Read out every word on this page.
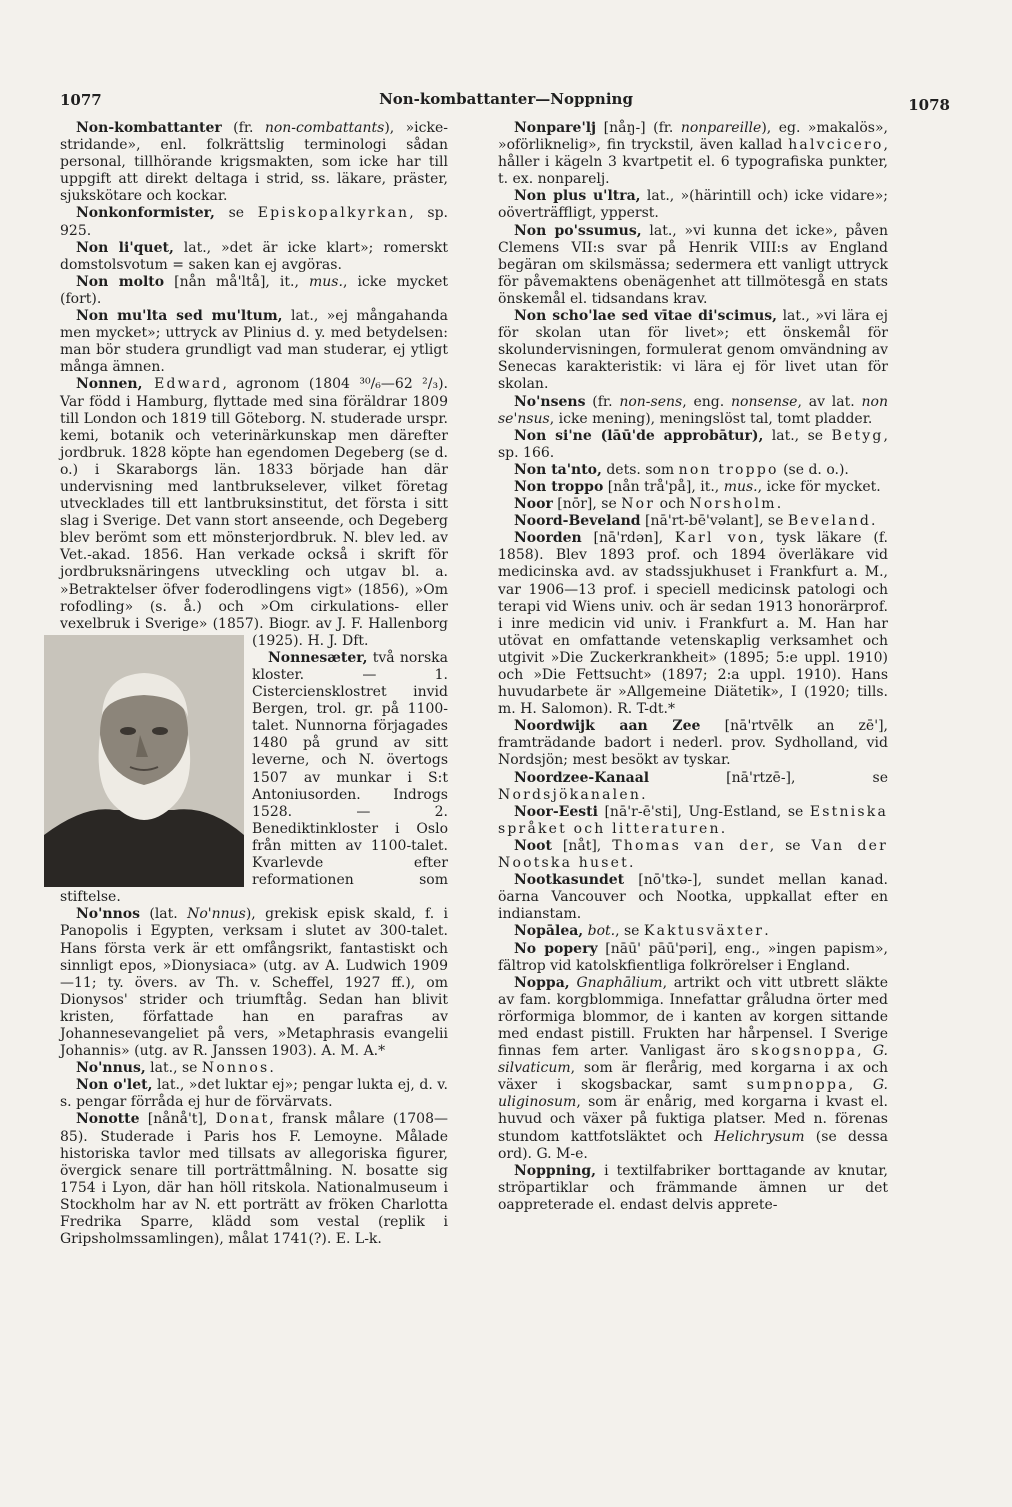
1077	Non-kombattanter—Noppning	1078

Non-kombattanter (fr. non-combattants), »icke-stridande», enl. folkrättslig terminologi sådan personal, tillhörande krigsmakten, som icke har till uppgift att direkt deltaga i strid, ss. läkare, präster, sjukskötare och kockar.

Nonkonformister, se Episkopalkyrkan, sp. 925.

Non li'quet, lat., »det är icke klart»; romerskt domstolsvotum = saken kan ej avgöras.

Non molto [nån må'ltå], it., mus., icke mycket (fort).

Non mu'lta sed mu'ltum, lat., »ej mångahanda men mycket»; uttryck av Plinius d. y. med betydelsen: man bör studera grundligt vad man studerar, ej ytligt många ämnen.

Nonnen, Edward, agronom (1804 ³⁰/₆—62 ²/₃). Var född i Hamburg, flyttade med sina föräldrar 1809 till London och 1819 till Göteborg. N. studerade urspr. kemi, botanik och veterinärkunskap men därefter jordbruk. 1828 köpte han egendomen Degeberg (se d. o.) i Skaraborgs län. 1833 började han där undervisning med lantbrukselever, vilket företag utvecklades till ett lantbruksinstitut, det första i sitt slag i Sverige. Det vann stort anseende, och Degeberg blev berömt som ett mönsterjordbruk. N. blev led. av Vet.-akad. 1856. Han verkade också i skrift för jordbruksnäringens utveckling och utgav bl. a. »Betraktelser öfver foderodlingens vigt» (1856), »Om rofodling» (s. å.) och »Om cirkulations- eller vexelbruk i Sverige» (1857). Biogr. av J. F. Hallenborg (1925). H. J. Dft.

Nonnesæter, två norska kloster. — 1. Cisterciensklostret invid Bergen, trol. gr. på 1100-talet. Nunnorna förjagades 1480 på grund av sitt leverne, och N. övertogs 1507 av munkar i S:t Antoniusorden. Indrogs 1528. — 2. Benediktinkloster i Oslo från mitten av 1100-talet. Kvarlevde efter reformationen som stiftelse.

No'nnos (lat. No'nnus), grekisk episk skald, f. i Panopolis i Egypten, verksam i slutet av 300-talet. Hans första verk är ett omfångsrikt, fantastiskt och sinnligt epos, »Dionysiaca» (utg. av A. Ludwich 1909—11; ty. övers. av Th. v. Scheffel, 1927 ff.), om Dionysos' strider och triumftåg. Sedan han blivit kristen, författade han en parafras av Johannesevangeliet på vers, »Metaphrasis evangelii Johannis» (utg. av R. Janssen 1903). A. M. A.*

No'nnus, lat., se Nonnos.

Non o'let, lat., »det luktar ej»; pengar lukta ej, d. v. s. pengar förråda ej hur de förvärvats.

Nonotte [nånå't], Donat, fransk målare (1708—85). Studerade i Paris hos F. Lemoyne. Målade historiska tavlor med tillsats av allegoriska figurer, övergick senare till porträttmålning. N. bosatte sig 1754 i Lyon, där han höll ritskola. Nationalmuseum i Stockholm har av N. ett porträtt av fröken Charlotta Fredrika Sparre, klädd som vestal (replik i Gripsholmssamlingen), målat 1741(?). E. L-k.

Nonpare'lj [nåŋ-] (fr. nonpareille), eg. »makalös», »oförliknelig», fin tryckstil, även kallad halvcicero, håller i kägeln 3 kvartpetit el. 6 typografiska punkter, t. ex. nonparelj.

Non plus u'ltra, lat., »(härintill och) icke vidare»; oöverträffligt, ypperst.

Non po'ssumus, lat., »vi kunna det icke», påven Clemens VII:s svar på Henrik VIII:s av England begäran om skilsmässa; sedermera ett vanligt uttryck för påvemaktens obenägenhet att tillmötesgå en stats önskemål el. tidsandans krav.

Non scho'lae sed vītae di'scimus, lat., »vi lära ej för skolan utan för livet»; ett önskemål för skolundervisningen, formulerat genom omvändning av Senecas karakteristik: vi lära ej för livet utan för skolan.

No'nsens (fr. non-sens, eng. nonsense, av lat. non se'nsus, icke mening), meningslöst tal, tomt pladder.

Non si'ne (lāū'de approbātur), lat., se Betyg, sp. 166.

Non ta'nto, dets. som non troppo (se d. o.).

Non troppo [nån trå'på], it., mus., icke för mycket.

Noor [nōr], se Nor och Norsholm.

Noord-Beveland [nā'rt-bē'vəlant], se Beveland.

Noorden [nā'rdən], Karl von, tysk läkare (f. 1858). Blev 1893 prof. och 1894 överläkare vid medicinska avd. av stadssjukhuset i Frankfurt a. M., var 1906—13 prof. i speciell medicinsk patologi och terapi vid Wiens univ. och är sedan 1913 honorärprof. i inre medicin vid univ. i Frankfurt a. M. Han har utövat en omfattande vetenskaplig verksamhet och utgivit »Die Zuckerkrankheit» (1895; 5:e uppl. 1910) och »Die Fettsucht» (1897; 2:a uppl. 1910). Hans huvudarbete är »Allgemeine Diätetik», I (1920; tills. m. H. Salomon). R. T-dt.*

Noordwijk aan Zee [nā'rtvēlk an zē'], framträdande badort i nederl. prov. Sydholland, vid Nordsjön; mest besökt av tyskar.

Noordzee-Kanaal [nā'rtzē-], se Nordsjökanalen.

Noor-Eesti [nā'r-ē'sti], Ung-Estland, se Estniska språket och litteraturen.

Noot [nåt], Thomas van der, se Van der Nootska huset.

Nootkasundet [nō'tkə-], sundet mellan kanad. öarna Vancouver och Nootka, uppkallat efter en indianstam.

Nopālea, bot., se Kaktusväxter.

No popery [nāū' pāū'pəri], eng., »ingen papism», fältrop vid katolskfientliga folkrörelser i England.

Noppa, Gnaphālium, artrikt och vitt utbrett släkte av fam. korgblommiga. Innefattar gråludna örter med rörformiga blommor, de i kanten av korgen sittande med endast pistill. Frukten har hårpensel. I Sverige finnas fem arter. Vanligast äro skogsnoppa, G. silvaticum, som är flerårig, med korgarna i ax och växer i skogsbackar, samt sumpnoppa, G. uliginosum, som är enårig, med korgarna i kvast el. huvud och växer på fuktiga platser. Med n. förenas stundom kattfotsläktet och Helichrysum (se dessa ord). G. M-e.

Noppning, i textilfabriker borttagande av knutar, ströpartiklar och främmande ämnen ur det oappreterade el. endast delvis apprete-
